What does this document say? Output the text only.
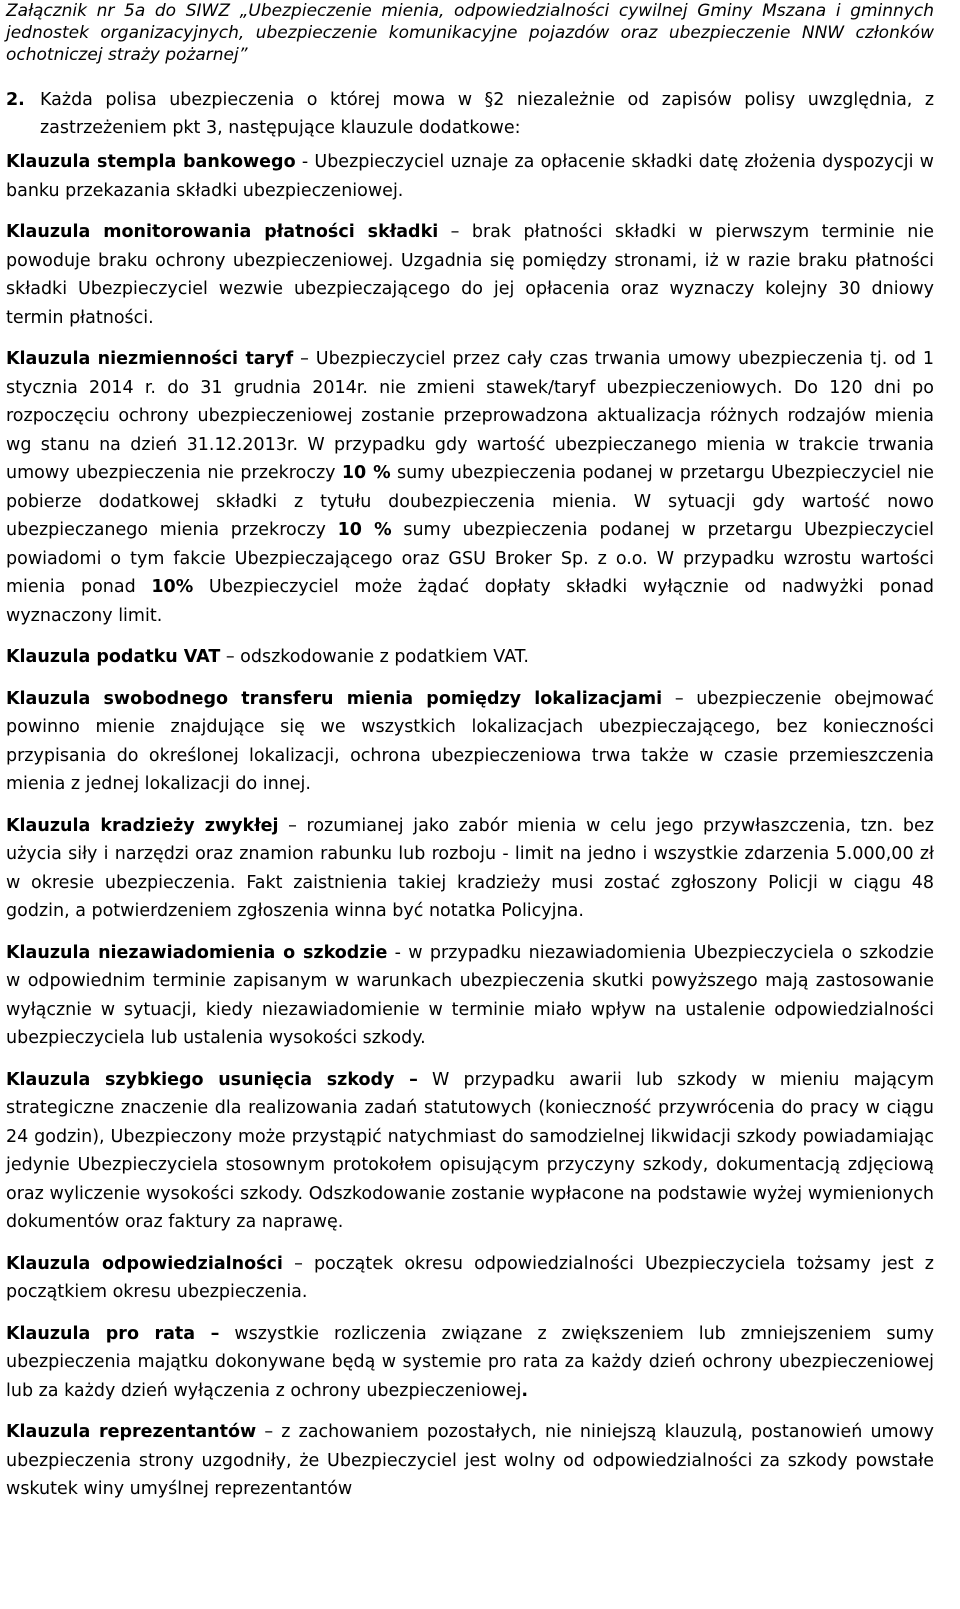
Załącznik nr 5a do SIWZ „Ubezpieczenie mienia, odpowiedzialności cywilnej Gminy Mszana i gminnych jednostek organizacyjnych, ubezpieczenie komunikacyjne pojazdów oraz ubezpieczenie NNW członków ochotniczej straży pożarnej”

2. Każda polisa ubezpieczenia o której mowa w §2 niezależnie od zapisów polisy uwzględnia, z zastrzeżeniem pkt 3, następujące klauzule dodatkowe:

Klauzula stempla bankowego - Ubezpieczyciel uznaje za opłacenie składki datę złożenia dyspozycji w banku przekazania składki ubezpieczeniowej.

Klauzula monitorowania płatności składki – brak płatności składki w pierwszym terminie nie powoduje braku ochrony ubezpieczeniowej. Uzgadnia się pomiędzy stronami, iż w razie braku płatności składki Ubezpieczyciel wezwie ubezpieczającego do jej opłacenia oraz wyznaczy kolejny 30 dniowy termin płatności.

Klauzula niezmienności taryf – Ubezpieczyciel przez cały czas trwania umowy ubezpieczenia tj. od 1 stycznia 2014 r. do 31 grudnia 2014r. nie zmieni stawek/taryf ubezpieczeniowych. Do 120 dni po rozpoczęciu ochrony ubezpieczeniowej zostanie przeprowadzona aktualizacja różnych rodzajów mienia wg stanu na dzień 31.12.2013r. W przypadku gdy wartość ubezpieczanego mienia w trakcie trwania umowy ubezpieczenia nie przekroczy 10 % sumy ubezpieczenia podanej w przetargu Ubezpieczyciel nie pobierze dodatkowej składki z tytułu doubezpieczenia mienia. W sytuacji gdy wartość nowo ubezpieczanego mienia przekroczy 10 % sumy ubezpieczenia podanej w przetargu Ubezpieczyciel powiadomi o tym fakcie Ubezpieczającego oraz GSU Broker Sp. z o.o. W przypadku wzrostu wartości mienia ponad 10% Ubezpieczyciel może żądać dopłaty składki wyłącznie od nadwyżki ponad wyznaczony limit.

Klauzula podatku VAT – odszkodowanie z podatkiem VAT.

Klauzula swobodnego transferu mienia pomiędzy lokalizacjami – ubezpieczenie obejmować powinno mienie znajdujące się we wszystkich lokalizacjach ubezpieczającego, bez konieczności przypisania do określonej lokalizacji, ochrona ubezpieczeniowa trwa także w czasie przemieszczenia mienia z jednej lokalizacji do innej.

Klauzula kradzieży zwykłej – rozumianej jako zabór mienia w celu jego przywłaszczenia, tzn. bez użycia siły i narzędzi oraz znamion rabunku lub rozboju - limit na jedno i wszystkie zdarzenia 5.000,00 zł w okresie ubezpieczenia. Fakt zaistnienia takiej kradzieży musi zostać zgłoszony Policji w ciągu 48 godzin, a potwierdzeniem zgłoszenia winna być notatka Policyjna.

Klauzula niezawiadomienia o szkodzie - w przypadku niezawiadomienia Ubezpieczyciela o szkodzie w odpowiednim terminie zapisanym w warunkach ubezpieczenia skutki powyższego mają zastosowanie wyłącznie w sytuacji, kiedy niezawiadomienie w terminie miało wpływ na ustalenie odpowiedzialności ubezpieczyciela lub ustalenia wysokości szkody.

Klauzula szybkiego usunięcia szkody – W przypadku awarii lub szkody w mieniu mającym strategiczne znaczenie dla realizowania zadań statutowych (konieczność przywrócenia do pracy w ciągu 24 godzin), Ubezpieczony może przystąpić natychmiast do samodzielnej likwidacji szkody powiadamiając jedynie Ubezpieczyciela stosownym protokołem opisującym przyczyny szkody, dokumentacją zdjęciową oraz wyliczenie wysokości szkody. Odszkodowanie zostanie wypłacone na podstawie wyżej wymienionych dokumentów oraz faktury za naprawę.

Klauzula odpowiedzialności – początek okresu odpowiedzialności Ubezpieczyciela tożsamy jest z początkiem okresu ubezpieczenia.

Klauzula pro rata – wszystkie rozliczenia związane z zwiększeniem lub zmniejszeniem sumy ubezpieczenia majątku dokonywane będą w systemie pro rata za każdy dzień ochrony ubezpieczeniowej lub za każdy dzień wyłączenia z ochrony ubezpieczeniowej.

Klauzula reprezentantów – z zachowaniem pozostałych, nie niniejszą klauzulą, postanowień umowy ubezpieczenia strony uzgodniły, że Ubezpieczyciel jest wolny od odpowiedzialności za szkody powstałe wskutek winy umyślnej reprezentantów
